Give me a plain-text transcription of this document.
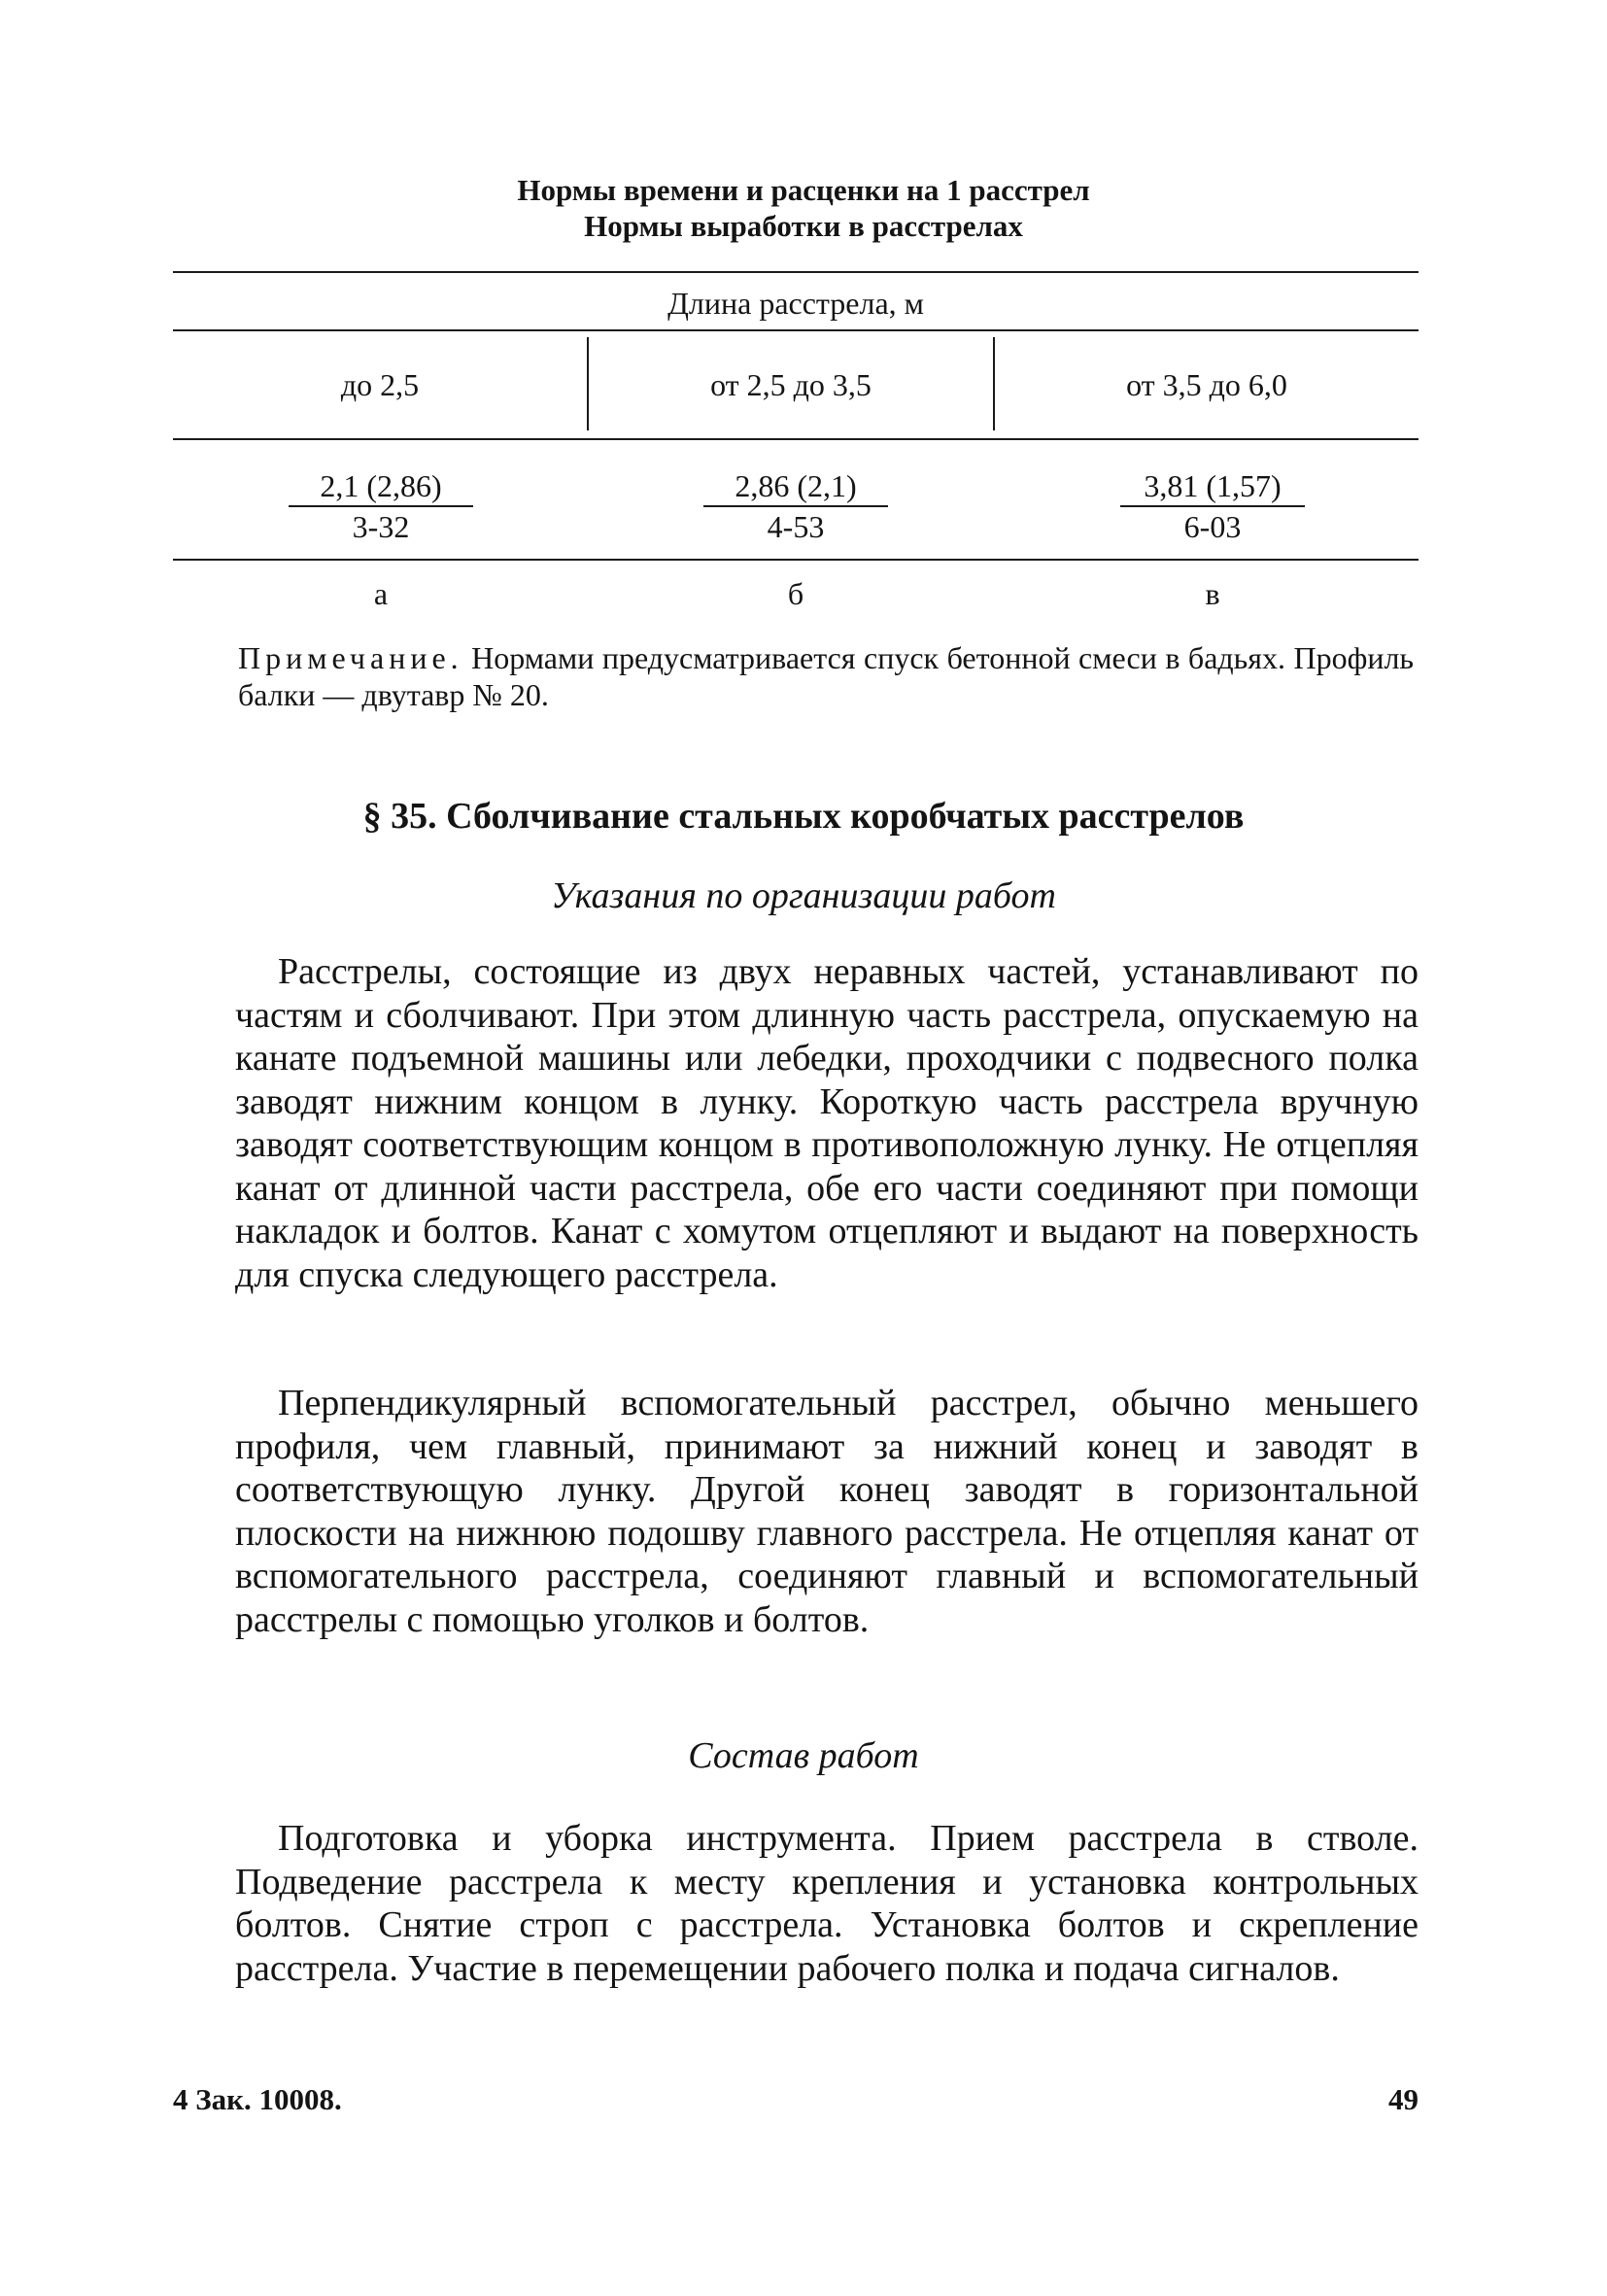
Нормы времени и расценки на 1 расстрел
Нормы выработки в расстрелах
Длина расстрела, м
до 2,5	от 2,5 до 3,5	от 3,5 до 6,0
$\frac{2,1 (2,86)}{3-32}$	$\frac{2,86 (2,1)}{4-53}$	$\frac{3,81 (1,57)}{6-03}$
а	б	в
Примечание. Нормами предусматривается спуск бетонной смеси в бадьях. Профиль балки — двутавр № 20.
§ 35. Сболчивание стальных коробчатых расстрелов
Указания по организации работ

Расстрелы, состоящие из двух неравных частей, устанавливают по частям и сболчивают. При этом длинную часть расстрела, опускаемую на канате подъемной машины или лебедки, проходчики с подвесного полка заводят нижним концом в лунку. Короткую часть расстрела вручную заводят соответствующим концом в противоположную лунку. Не отцепляя канат от длинной части расстрела, обе его части соединяют при помощи накладок и болтов. Канат с хомутом отцепляют и выдают на поверхность для спуска следующего расстрела.

Перпендикулярный вспомогательный расстрел, обычно меньшего профиля, чем главный, принимают за нижний конец и заводят в соответствующую лунку. Другой конец заводят в горизонтальной плоскости на нижнюю подошву главного расстрела. Не отцепляя канат от вспомогательного расстрела, соединяют главный и вспомогательный расстрелы с помощью уголков и болтов.

Состав работ

Подготовка и уборка инструмента. Прием расстрела в стволе. Подведение расстрела к месту крепления и установка контрольных болтов. Снятие строп с расстрела. Установка болтов и скрепление расстрела. Участие в перемещении рабочего полка и подача сигналов.

4 Зак. 10008.	49
